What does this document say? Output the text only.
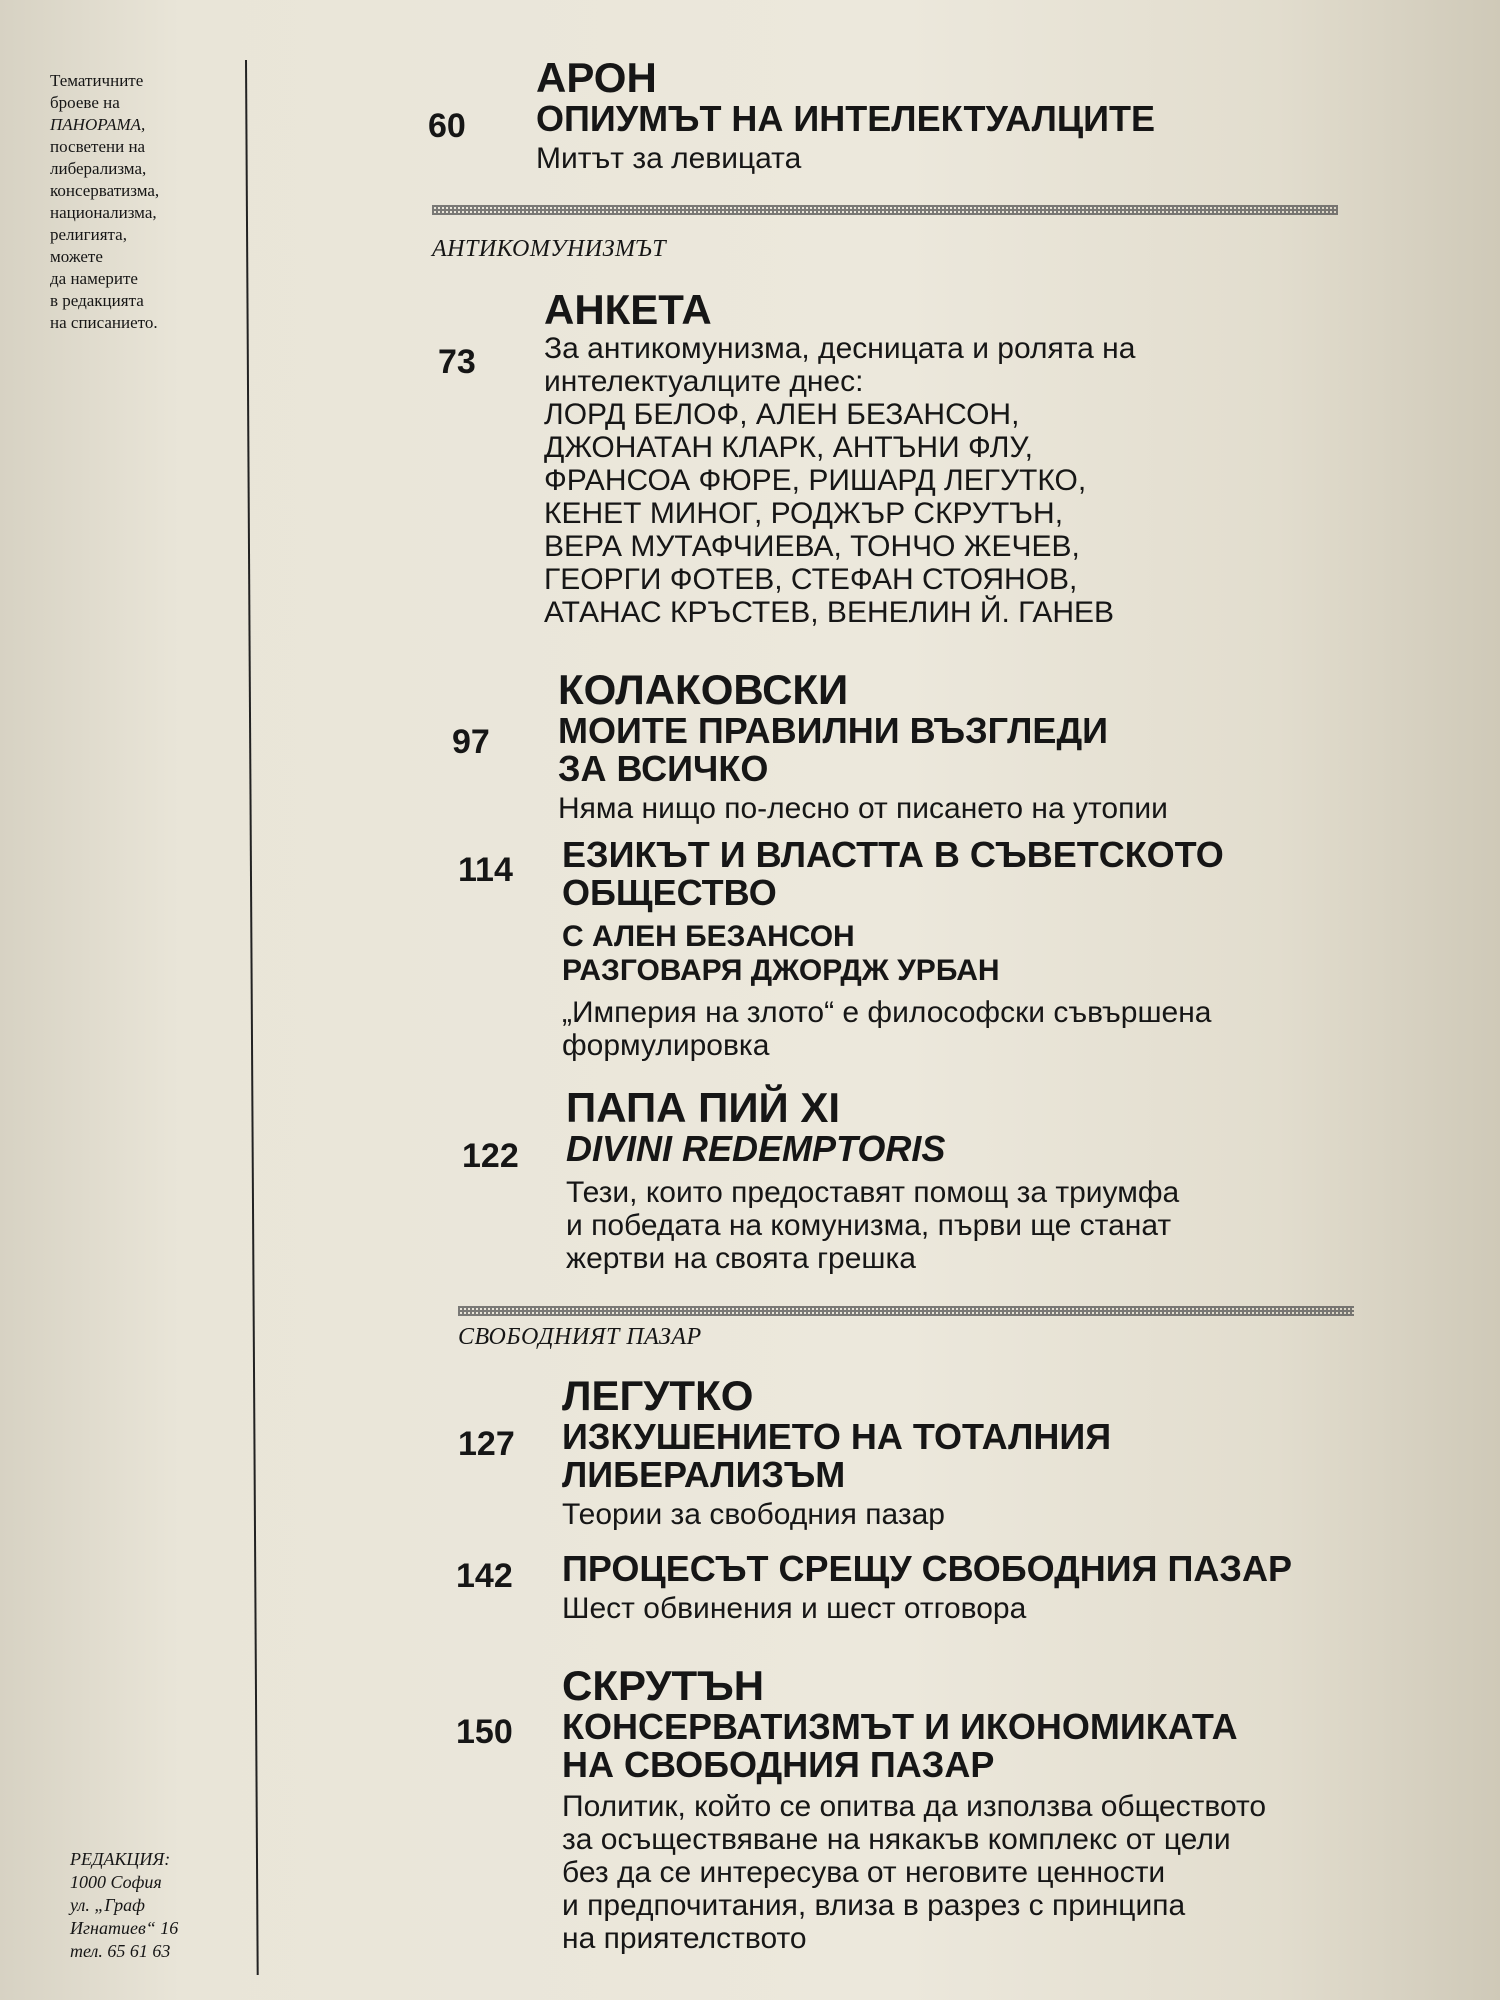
Тематичните
броеве на
ПАНОРАМА,
посветени на
либерализма,
консерватизма,
национализма,
религията,
можете
да намерите
в редакцията
на списанието.
60
АРОН
ОПИУМЪТ НА ИНТЕЛЕКТУАЛЦИТЕ
Митът за левицата
АНТИКОМУНИЗМЪТ
73
АНКЕТА
За антикомунизма, десницата и ролята на
интелектуалците днес:
ЛОРД БЕЛОФ, АЛЕН БЕЗАНСОН,
ДЖОНАТАН КЛАРК, АНТЪНИ ФЛУ,
ФРАНСОА ФЮРЕ, РИШАРД ЛЕГУТКО,
КЕНЕТ МИНОГ, РОДЖЪР СКРУТЪН,
ВЕРА МУТАФЧИЕВА, ТОНЧО ЖЕЧЕВ,
ГЕОРГИ ФОТЕВ, СТЕФАН СТОЯНОВ,
АТАНАС КРЪСТЕВ, ВЕНЕЛИН Й. ГАНЕВ
97
КОЛАКОВСКИ
МОИТЕ ПРАВИЛНИ ВЪЗГЛЕДИ
ЗА ВСИЧКО
Няма нищо по-лесно от писането на утопии
114 ЕЗИКЪТ И ВЛАСТТА В СЪВЕТСКОТО
ОБЩЕСТВО
С АЛЕН БЕЗАНСОН
РАЗГОВАРЯ ДЖОРДЖ УРБАН
„Империя на злото“ е философски съвършена
формулировка
122
ПАПА ПИЙ XI
DIVINI REDEMPTORIS
Тези, които предоставят помощ за триумфа
и победата на комунизма, първи ще станат
жертви на своята грешка
СВОБОДНИЯТ ПАЗАР
127
ЛЕГУТКО
ИЗКУШЕНИЕТО НА ТОТАЛНИЯ
ЛИБЕРАЛИЗЪМ
Теории за свободния пазар
142 ПРОЦЕСЪТ СРЕЩУ СВОБОДНИЯ ПАЗАР
Шест обвинения и шест отговора
150
СКРУТЪН
КОНСЕРВАТИЗМЪТ И ИКОНОМИКАТА
НА СВОБОДНИЯ ПАЗАР
Политик, който се опитва да използва обществото
за осъществяване на някакъв комплекс от цели
без да се интересува от неговите ценности
и предпочитания, влиза в разрез с принципа
на приятелството
РЕДАКЦИЯ:
1000 София
ул. „Граф
Игнатиев“ 16
тел. 65 61 63
